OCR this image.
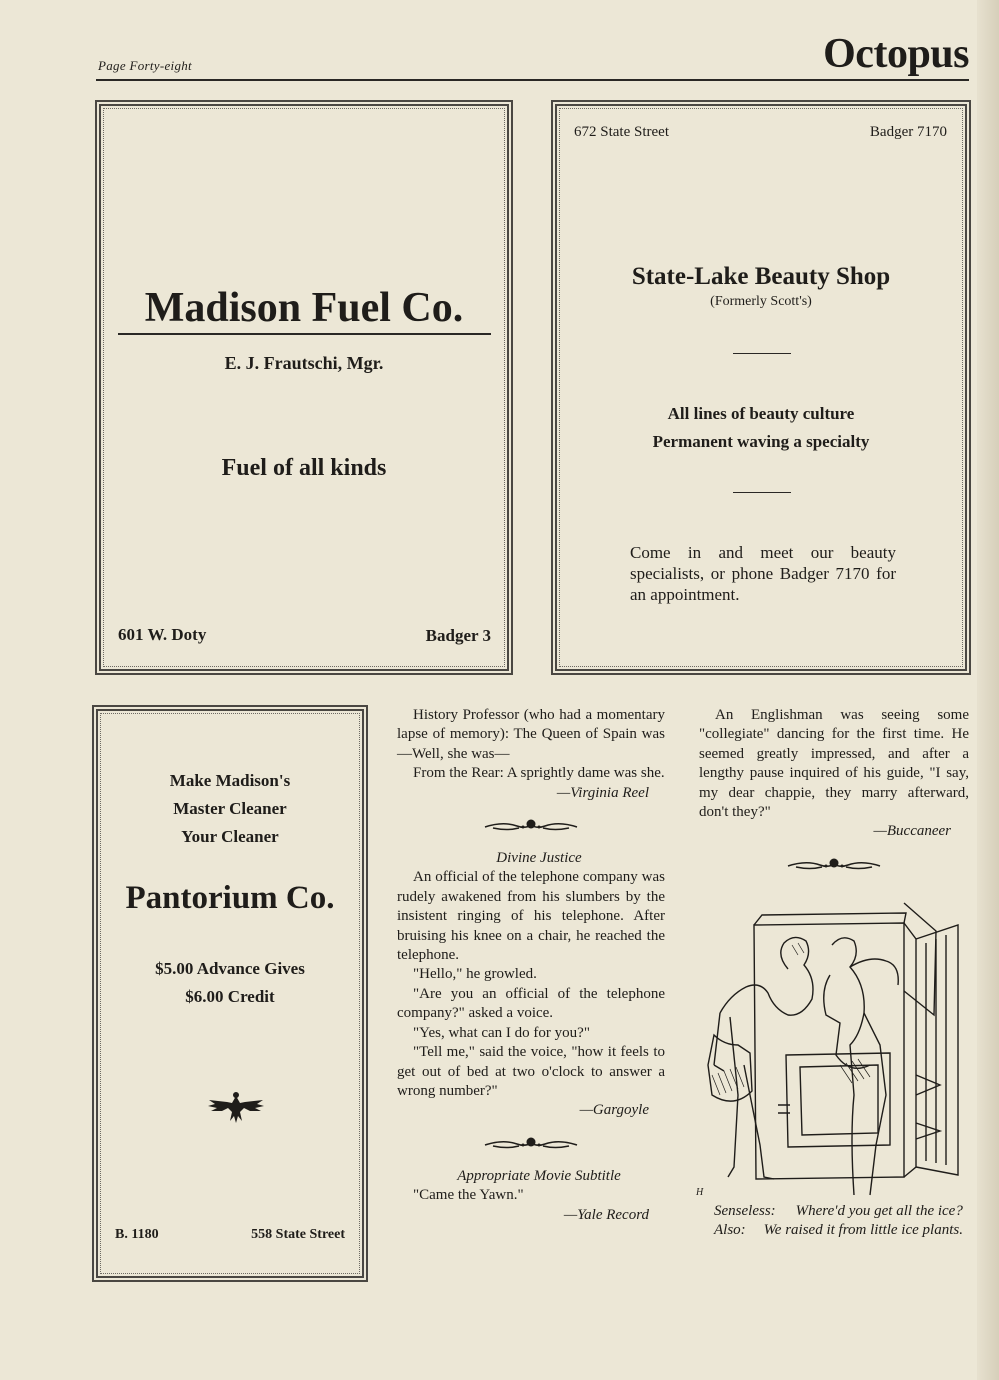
Page Forty-eight	Octopus
Madison Fuel Co.
E. J. Frautschi, Mgr.
Fuel of all kinds
601 W. Doty	Badger 3
672 State Street	Badger 7170
State-Lake Beauty Shop
(Formerly Scott's)
All lines of beauty culture
Permanent waving a specialty
Come in and meet our beauty specialists, or phone Badger 7170 for an appointment.
Make Madison's
Master Cleaner
Your Cleaner
Pantorium Co.
$5.00 Advance Gives
$6.00 Credit
B. 1180	558 State Street

History Professor (who had a momentary lapse of memory): The Queen of Spain was—Well, she was—

From the Rear: A sprightly dame was she.

—Virginia Reel

Divine Justice

An official of the telephone company was rudely awakened from his slumbers by the insistent ringing of his telephone. After bruising his knee on a chair, he reached the telephone.

"Hello," he growled.

"Are you an official of the telephone company?" asked a voice.

"Yes, what can I do for you?"

"Tell me," said the voice, "how it feels to get out of bed at two o'clock to answer a wrong number?"

—Gargoyle

Appropriate Movie Subtitle

"Came the Yawn."

—Yale Record

An Englishman was seeing some "collegiate" dancing for the first time. He seemed greatly impressed, and after a lengthy pause inquired of his guide, "I say, my dear chappie, they marry afterward, don't they?"

—Buccaneer

H

Senseless: Where'd you get all the ice?

Also: We raised it from little ice plants.
